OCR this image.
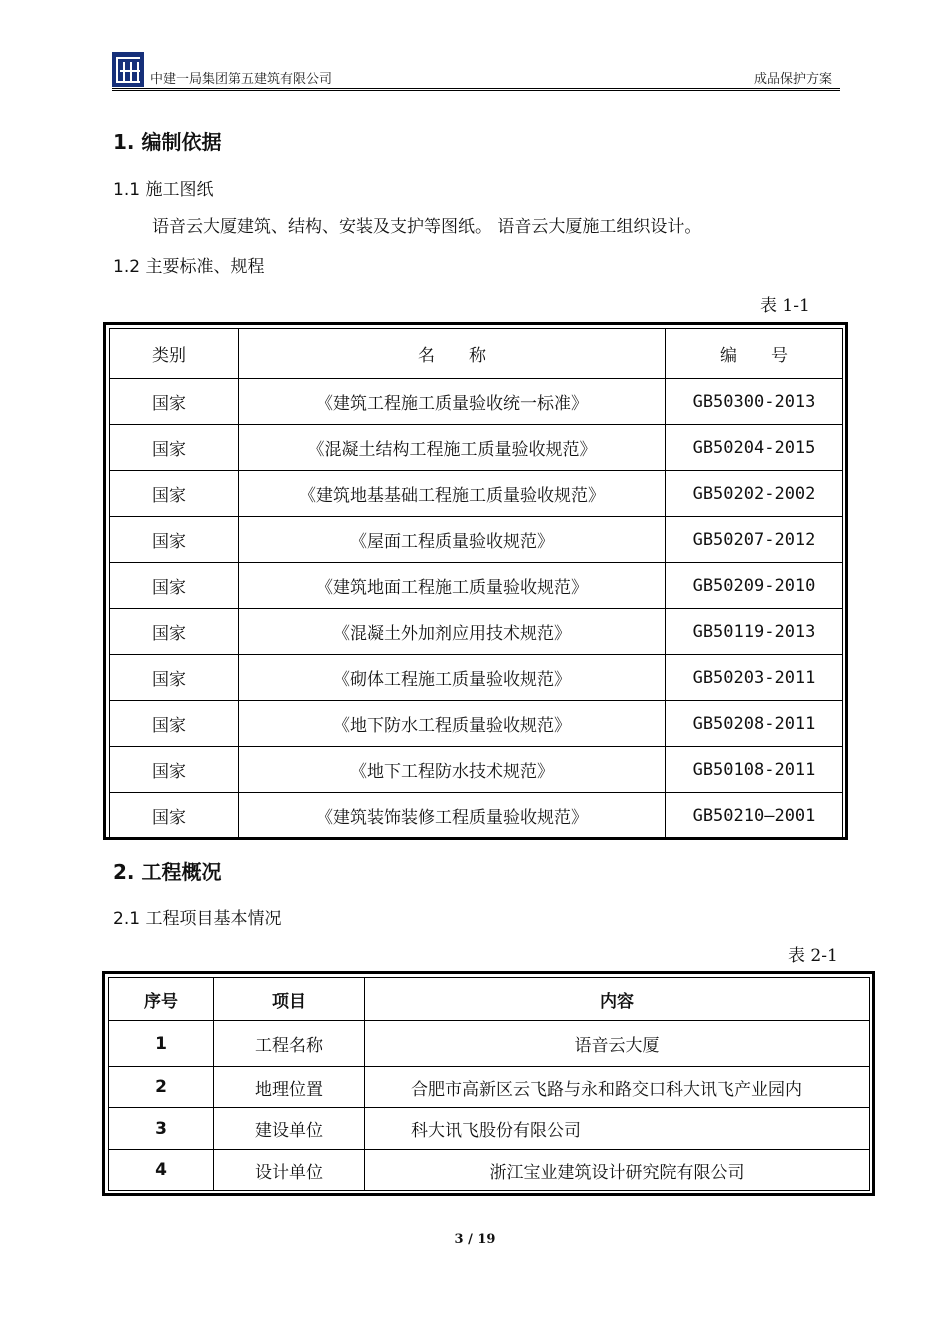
中建一局集团第五建筑有限公司	成品保护方案
1. 编制依据
1.1 施工图纸
语音云大厦建筑、结构、安装及支护等图纸。 语音云大厦施工组织设计。
1.2 主要标准、规程
表 1-1
类别	名　　称	编　　号
国家	《建筑工程施工质量验收统一标准》	GB50300-2013
国家	《混凝土结构工程施工质量验收规范》	GB50204-2015
国家	《建筑地基基础工程施工质量验收规范》	GB50202-2002
国家	《屋面工程质量验收规范》	GB50207-2012
国家	《建筑地面工程施工质量验收规范》	GB50209-2010
国家	《混凝土外加剂应用技术规范》	GB50119-2013
国家	《砌体工程施工质量验收规范》	GB50203-2011
国家	《地下防水工程质量验收规范》	GB50208-2011
国家	《地下工程防水技术规范》	GB50108-2011
国家	《建筑装饰装修工程质量验收规范》	GB50210—2001
2. 工程概况
2.1 工程项目基本情况
表 2-1
序号	项目	内容
1	工程名称	语音云大厦
2	地理位置	合肥市高新区云飞路与永和路交口科大讯飞产业园内
3	建设单位	科大讯飞股份有限公司
4	设计单位	浙江宝业建筑设计研究院有限公司
3 / 19
